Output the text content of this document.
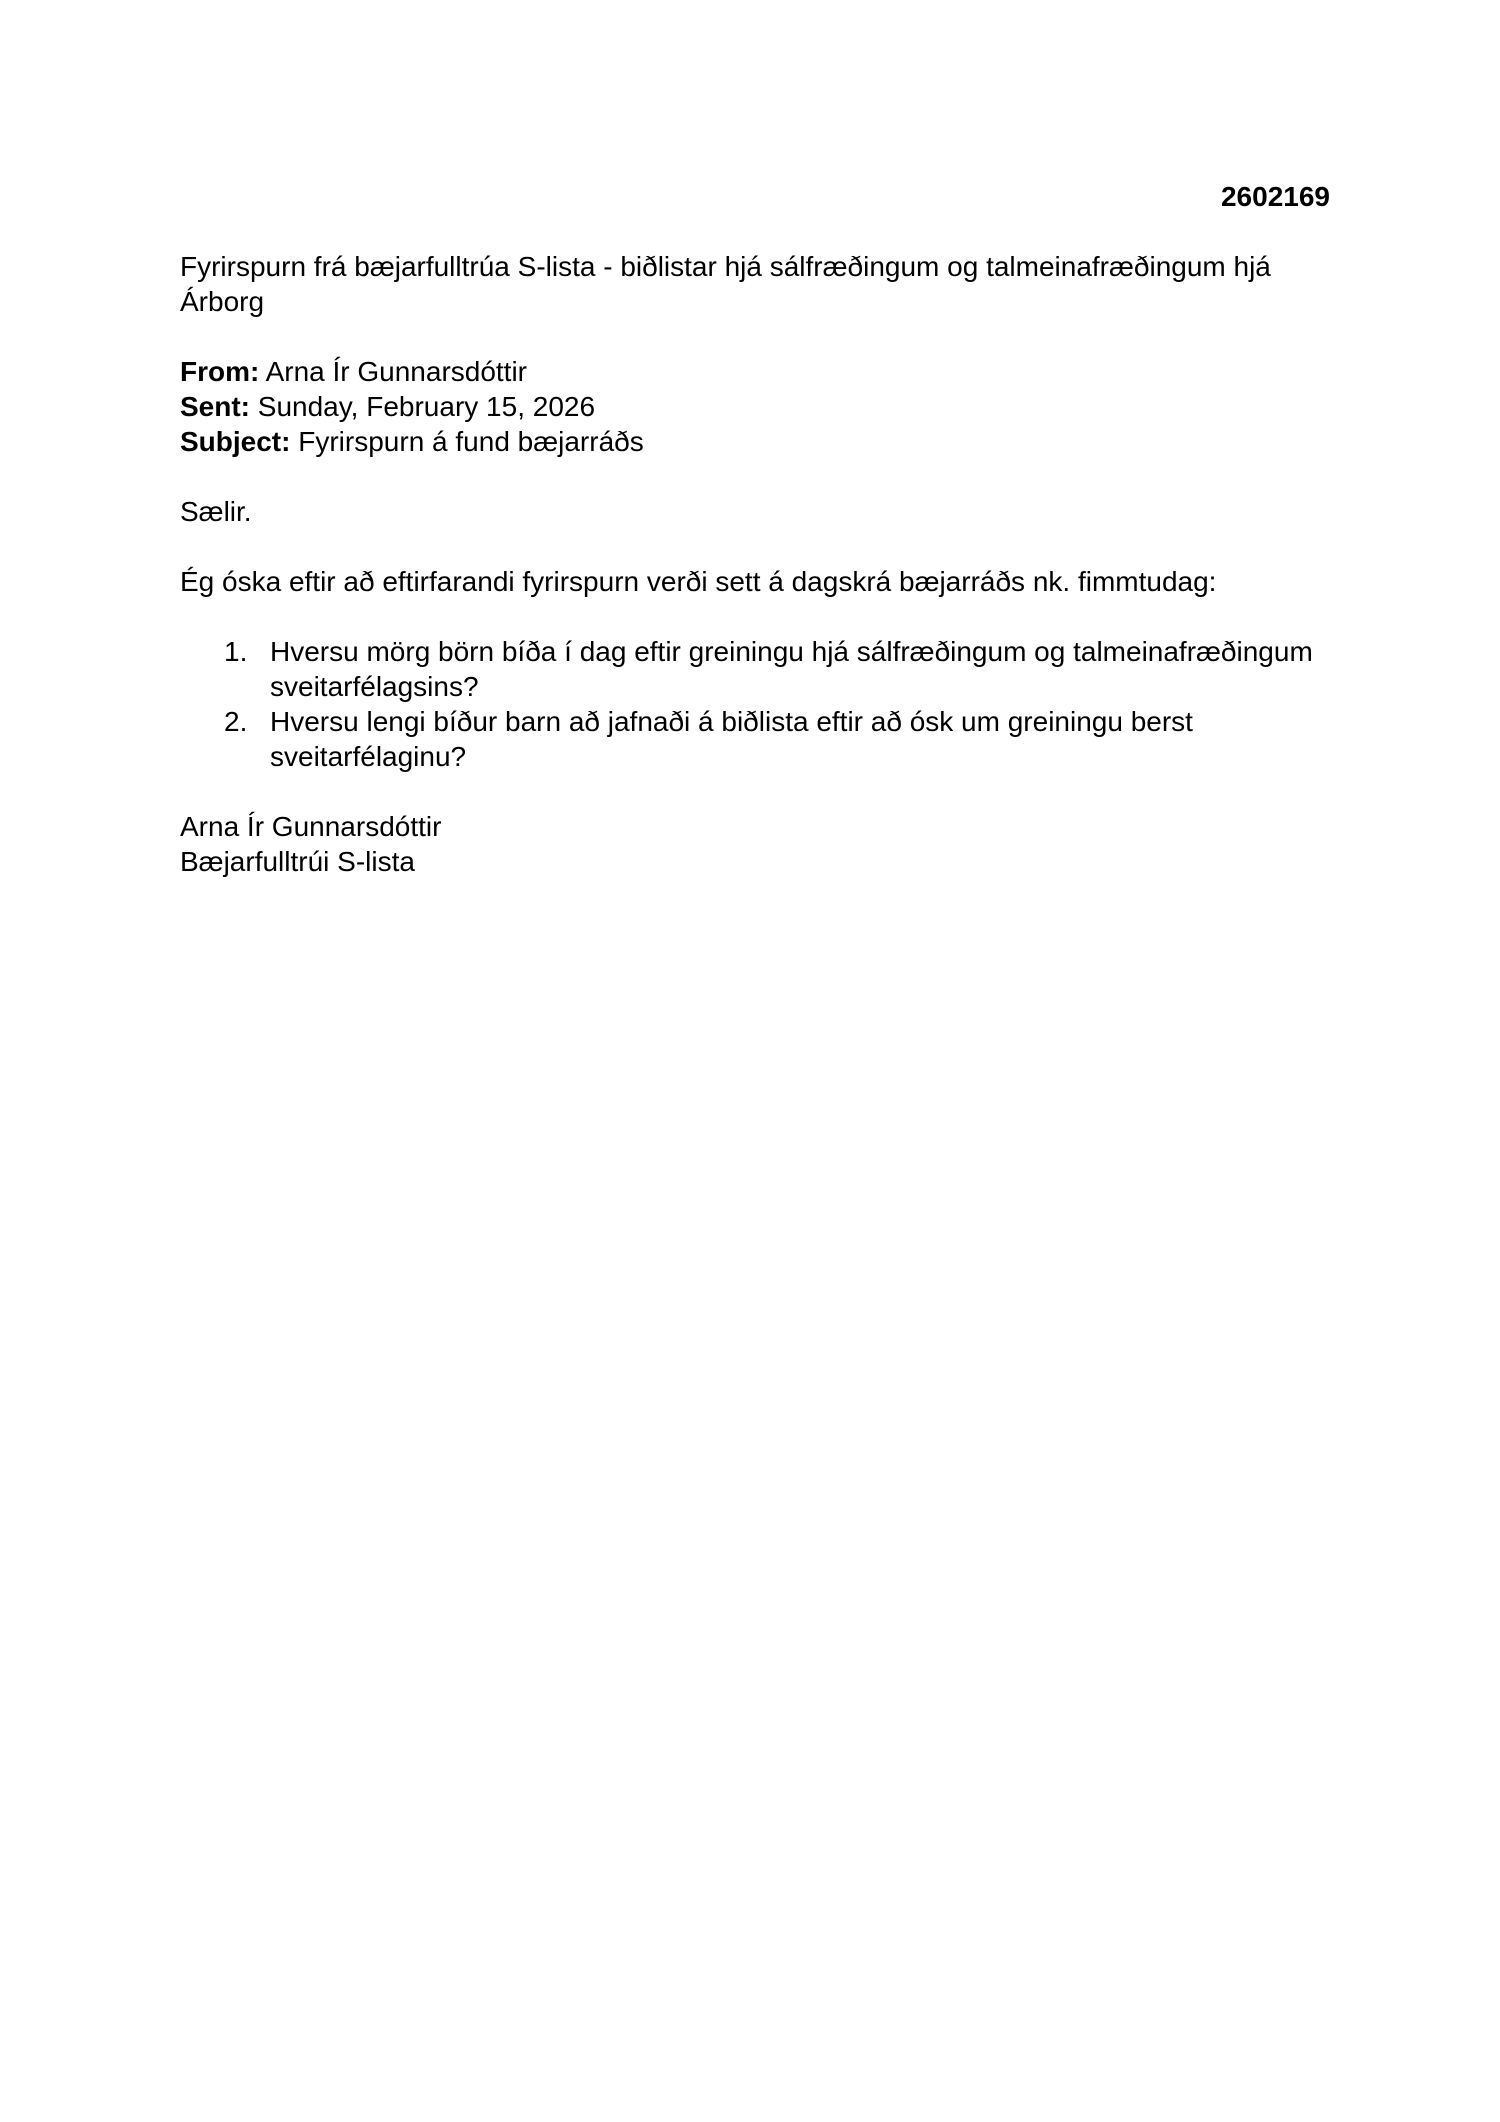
2602169

Fyrirspurn frá bæjarfulltrúa S-lista - biðlistar hjá sálfræðingum og talmeinafræðingum hjá Árborg

From: Arna Ír Gunnarsdóttir

Sent: Sunday, February 15, 2026

Subject: Fyrirspurn á fund bæjarráðs

Sælir.

Ég óska eftir að eftirfarandi fyrirspurn verði sett á dagskrá bæjarráðs nk. fimmtudag:

1. Hversu mörg börn bíða í dag eftir greiningu hjá sálfræðingum og talmeinafræðingum sveitarfélagsins?
2. Hversu lengi bíður barn að jafnaði á biðlista eftir að ósk um greiningu berst sveitarfélaginu?

Arna Ír Gunnarsdóttir

Bæjarfulltrúi S-lista
